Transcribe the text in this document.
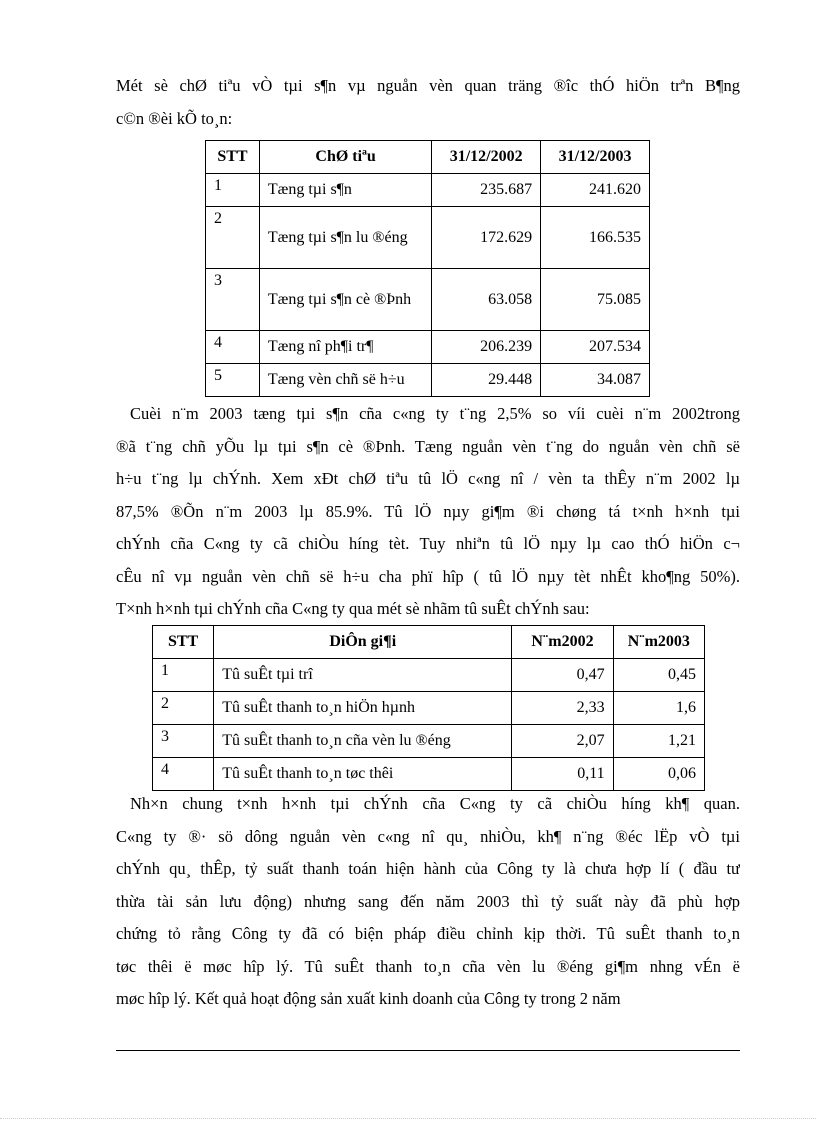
Mét sè chØ tiªu vÒ tµi s¶n vµ nguån vèn quan träng ®îc thÓ hiÖn trªn B¶ng
c©n ®èi kÕ to¸n:

STT	ChØ tiªu	31/12/2002	31/12/2003
1	Tæng tµi s¶n	235.687	241.620
2	Tæng tµi s¶n lu ®éng	172.629	166.535
3	Tæng tµi s¶n cè ®Þnh	63.058	75.085
4	Tæng nî ph¶i tr¶	206.239	207.534
5	Tæng vèn chñ së h÷u	29.448	34.087

Cuèi n¨m 2003 tæng tµi s¶n cña c«ng ty t¨ng 2,5% so víi cuèi n¨m 2002trong
®ã t¨ng chñ yÕu lµ tµi s¶n cè ®Þnh. Tæng nguån vèn t¨ng do nguån vèn chñ së
h÷u t¨ng lµ chÝnh. Xem xÐt chØ tiªu tû lÖ c«ng nî / vèn ta thÊy n¨m 2002 lµ
87,5% ®Õn n¨m 2003 lµ 85.9%. Tû lÖ nµy gi¶m ®i chøng tá t×nh h×nh tµi
chÝnh cña C«ng ty cã chiÒu híng tèt. Tuy nhiªn tû lÖ nµy lµ cao thÓ hiÖn c¬
cÊu nî vµ nguån vèn chñ së h÷u cha phï hîp ( tû lÖ nµy tèt nhÊt kho¶ng 50%).
T×nh h×nh tµi chÝnh cña C«ng ty qua mét sè nhãm tû suÊt chÝnh sau:

STT	DiÔn gi¶i	N¨m2002	N¨m2003
1	Tû suÊt tµi trî	0,47	0,45
2	Tû suÊt thanh to¸n hiÖn hµnh	2,33	1,6
3	Tû suÊt thanh to¸n cña vèn lu ®éng	2,07	1,21
4	Tû suÊt thanh to¸n tøc thêi	0,11	0,06

Nh×n chung t×nh h×nh tµi chÝnh cña C«ng ty cã chiÒu híng kh¶ quan.
C«ng ty ®· sö dông nguån vèn c«ng nî qu¸ nhiÒu, kh¶ n¨ng ®éc lËp vÒ tµi
chÝnh qu¸ thÊp, tỷ suất thanh toán hiện hành của Công ty là chưa hợp lí ( đầu tư
thừa tài sản lưu động) nhưng sang đến năm 2003 thì tỷ suất này đã phù hợp
chứng tỏ rằng Công ty đã có biện pháp điều chỉnh kịp thời. Tû suÊt thanh to¸n
tøc thêi ë møc hîp lý. Tû suÊt thanh to¸n cña vèn lu ®éng gi¶m nhng vÉn ë
møc hîp lý. Kết quả hoạt động sản xuất kinh doanh của Công ty trong 2 năm
